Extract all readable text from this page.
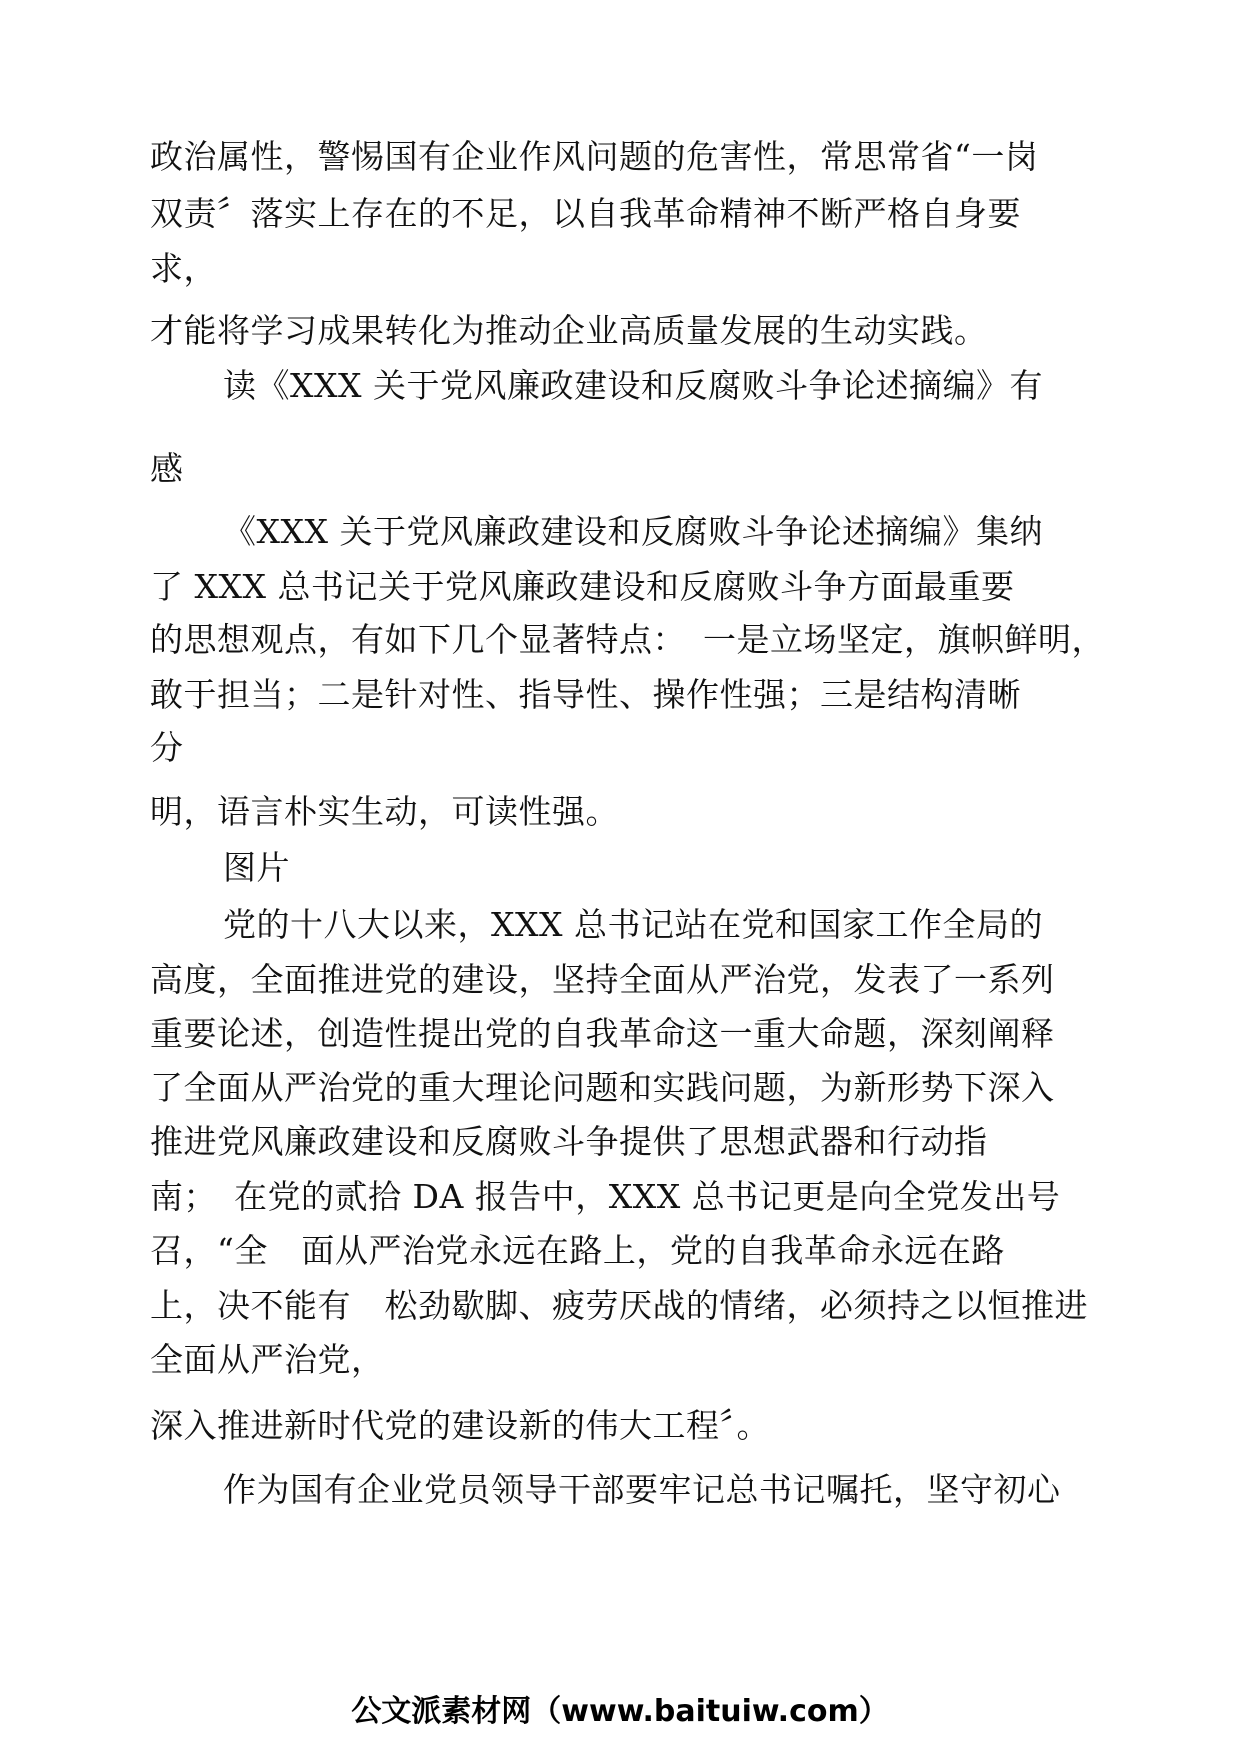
政治属性，警惕国有企业作风问题的危害性，常思常省“一岗
双责〞落实上存在的不足，以自我革命精神不断严格自身要
求，
才能将学习成果转化为推动企业高质量发展的生动实践。
读《XXX 关于党风廉政建设和反腐败斗争论述摘编》有
感
《XXX 关于党风廉政建设和反腐败斗争论述摘编》集纳
了 XXX 总书记关于党风廉政建设和反腐败斗争方面最重要
的思想观点，有如下几个显著特点：　一是立场坚定，旗帜鲜明，
敢于担当；二是针对性、指导性、操作性强；三是结构清晰
分
明，语言朴实生动，可读性强。
图片
党的十八大以来，XXX 总书记站在党和国家工作全局的
高度，全面推进党的建设，坚持全面从严治党，发表了一系列
重要论述，创造性提出党的自我革命这一重大命题，深刻阐释
了全面从严治党的重大理论问题和实践问题，为新形势下深入
推进党风廉政建设和反腐败斗争提供了思想武器和行动指
南；　在党的贰拾 DA 报告中，XXX 总书记更是向全党发出号
召，“全　面从严治党永远在路上，党的自我革命永远在路
上，决不能有　松劲歇脚、疲劳厌战的情绪，必须持之以恒推进
全面从严治党，
深入推进新时代党的建设新的伟大工程〞。
作为国有企业党员领导干部要牢记总书记嘱托，坚守初心
公文派素材网（www.baituiw.com）
